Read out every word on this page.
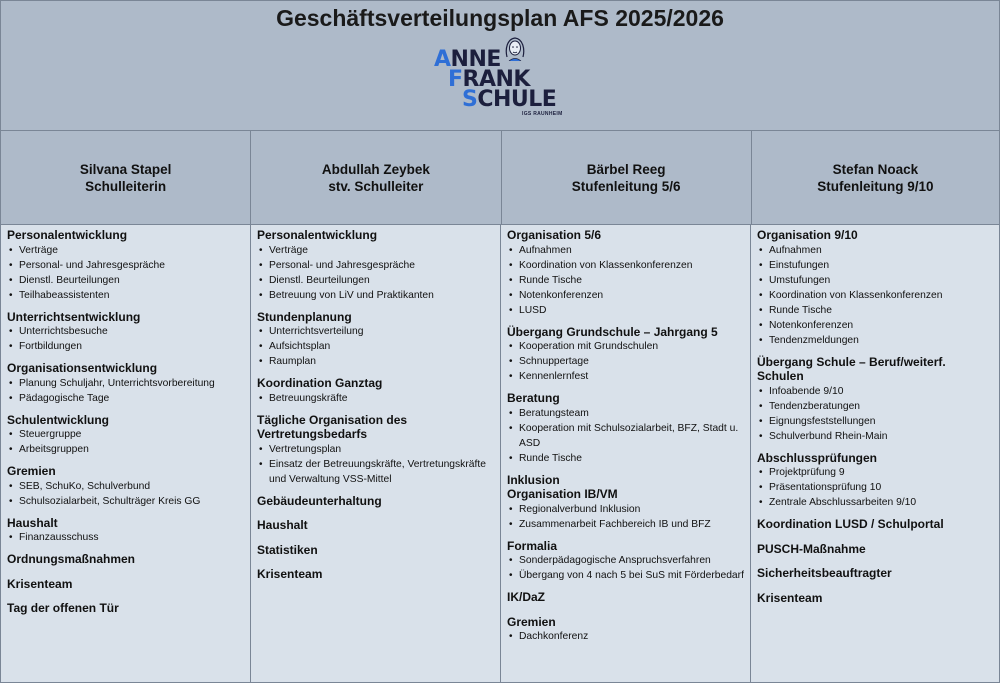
Geschäftsverteilungsplan AFS 2025/2026
ANNE
FRANK
SCHULE
IGS RAUNHEIM
Silvana Stapel
Schulleiterin
Abdullah Zeybek
stv. Schulleiter
Bärbel Reeg
Stufenleitung 5/6
Stefan Noack
Stufenleitung 9/10
Personalentwicklung
• Verträge
• Personal- und Jahresgespräche
• Dienstl. Beurteilungen
• Teilhabeassistenten
Unterrichtsentwicklung
• Unterrichtsbesuche
• Fortbildungen
Organisationsentwicklung
• Planung Schuljahr, Unterrichtsvorbereitung
• Pädagogische Tage
Schulentwicklung
• Steuergruppe
• Arbeitsgruppen
Gremien
• SEB, SchuKo, Schulverbund
• Schulsozialarbeit, Schulträger Kreis GG
Haushalt
• Finanzausschuss
Ordnungsmaßnahmen
Krisenteam
Tag der offenen Tür
Personalentwicklung
• Verträge
• Personal- und Jahresgespräche
• Dienstl. Beurteilungen
• Betreuung von LiV und Praktikanten
Stundenplanung
• Unterrichtsverteilung
• Aufsichtsplan
• Raumplan
Koordination Ganztag
• Betreuungskräfte
Tägliche Organisation des Vertretungsbedarfs
• Vertretungsplan
• Einsatz der Betreuungskräfte, Vertretungskräfte und Verwaltung VSS-Mittel
Gebäudeunterhaltung
Haushalt
Statistiken
Krisenteam
Organisation 5/6
• Aufnahmen
• Koordination von Klassenkonferenzen
• Runde Tische
• Notenkonferenzen
• LUSD
Übergang Grundschule – Jahrgang 5
• Kooperation mit Grundschulen
• Schnuppertage
• Kennenlernfest
Beratung
• Beratungsteam
• Kooperation mit Schulsozialarbeit, BFZ, Stadt u. ASD
• Runde Tische
Inklusion
Organisation IB/VM
• Regionalverbund Inklusion
• Zusammenarbeit Fachbereich IB und BFZ
Formalia
• Sonderpädagogische Anspruchsverfahren
• Übergang von 4 nach 5 bei SuS mit Förderbedarf
IK/DaZ
Gremien
• Dachkonferenz
Organisation 9/10
• Aufnahmen
• Einstufungen
• Umstufungen
• Koordination von Klassenkonferenzen
• Runde Tische
• Notenkonferenzen
• Tendenzmeldungen
Übergang Schule – Beruf/weiterf. Schulen
• Infoabende 9/10
• Tendenzberatungen
• Eignungsfeststellungen
• Schulverbund Rhein-Main
Abschlussprüfungen
• Projektprüfung 9
• Präsentationsprüfung 10
• Zentrale Abschlussarbeiten 9/10
Koordination LUSD / Schulportal
PUSCH-Maßnahme
Sicherheitsbeauftragter
Krisenteam
